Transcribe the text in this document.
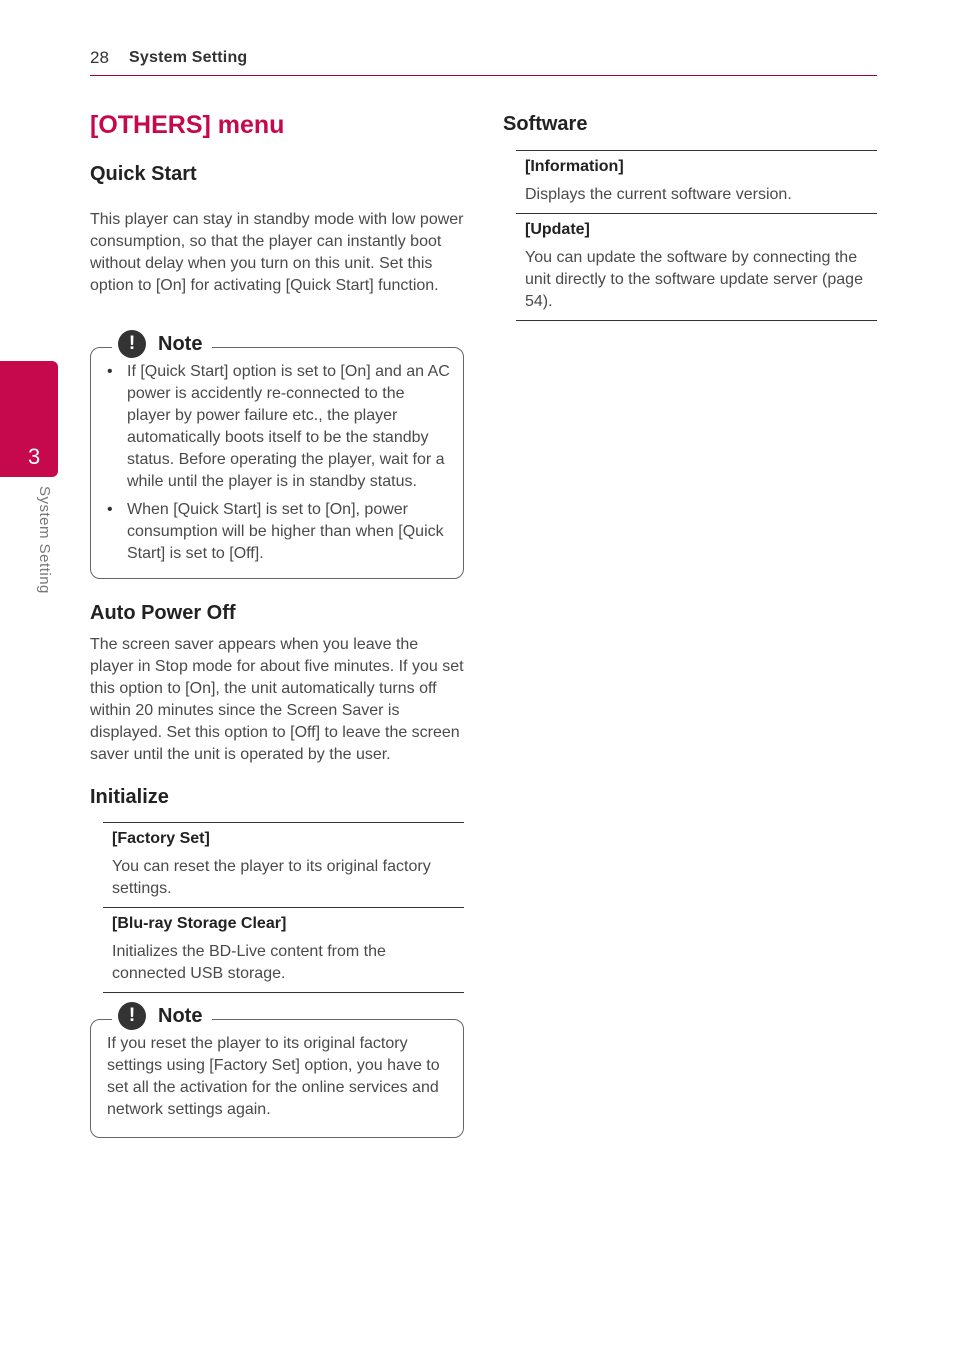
28 System Setting
3
System Setting
[OTHERS] menu
Quick Start
This player can stay in standby mode with low power consumption, so that the player can instantly boot without delay when you turn on this unit. Set this option to [On] for activating [Quick Start] function.
• If [Quick Start] option is set to [On] and an AC power is accidently re-connected to the player by power failure etc., the player automatically boots itself to be the standby status. Before operating the player, wait for a while until the player is in standby status.
• When [Quick Start] is set to [On], power consumption will be higher than when [Quick Start] is set to [Off].
!	Note
Auto Power Off
The screen saver appears when you leave the player in Stop mode for about five minutes. If you set this option to [On], the unit automatically turns off within 20 minutes since the Screen Saver is displayed. Set this option to [Off] to leave the screen saver until the unit is operated by the user.
Initialize
[Factory Set]
You can reset the player to its original factory settings.
[Blu-ray Storage Clear]
Initializes the BD-Live content from the connected USB storage.
If you reset the player to its original factory settings using [Factory Set] option, you have to set all the activation for the online services and network settings again.
!	Note
Software
[Information]
Displays the current software version.
[Update]
You can update the software by connecting the unit directly to the software update server (page 54).
